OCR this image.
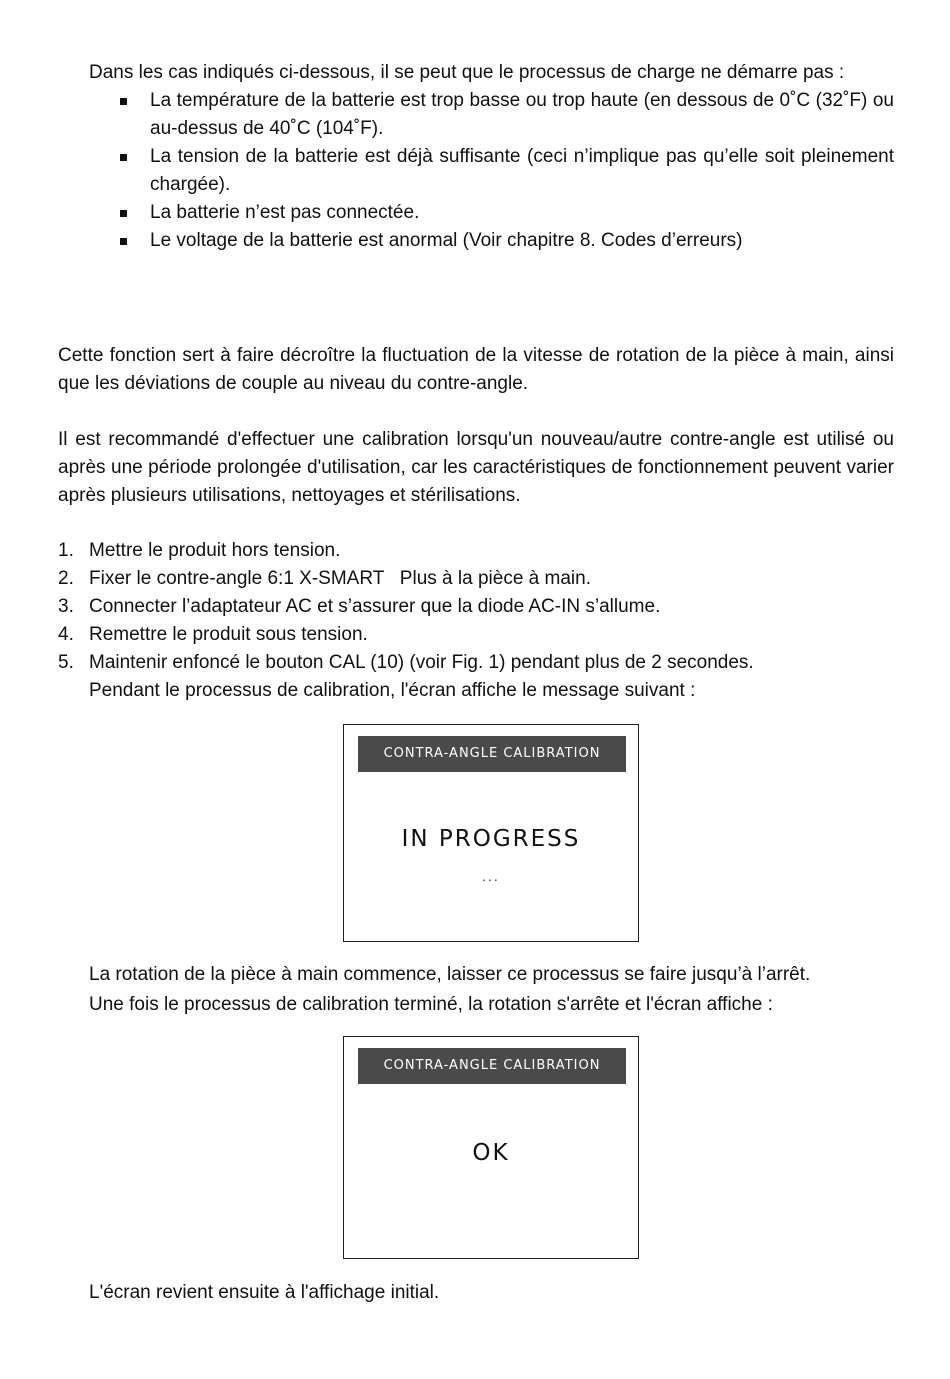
Dans les cas indiqués ci-dessous, il se peut que le processus de charge ne démarre pas :
La température de la batterie est trop basse ou trop haute (en dessous de 0˚C (32˚F) ou au-dessus de 40˚C (104˚F).
La tension de la batterie est déjà suffisante (ceci n’implique pas qu’elle soit pleinement chargée).
La batterie n’est pas connectée.
Le voltage de la batterie est anormal (Voir chapitre 8. Codes d’erreurs)
Cette fonction sert à faire décroître la fluctuation de la vitesse de rotation de la pièce à main, ainsi que les déviations de couple au niveau du contre-angle.
Il est recommandé d'effectuer une calibration lorsqu'un nouveau/autre contre-angle est utilisé ou après une période prolongée d'utilisation, car les caractéristiques de fonctionnement peuvent varier après plusieurs utilisations, nettoyages et stérilisations.
1. Mettre le produit hors tension.
2. Fixer le contre-angle 6:1 X-SMART   Plus à la pièce à main.
3. Connecter l’adaptateur AC et s’assurer que la diode AC-IN s’allume.
4. Remettre le produit sous tension.
5. Maintenir enfoncé le bouton CAL (10) (voir Fig. 1) pendant plus de 2 secondes.
Pendant le processus de calibration, l'écran affiche le message suivant :
CONTRA-ANGLE CALIBRATION
IN PROGRESS
...
La rotation de la pièce à main commence, laisser ce processus se faire jusqu’à l’arrêt.
Une fois le processus de calibration terminé, la rotation s'arrête et l'écran affiche :
CONTRA-ANGLE CALIBRATION
OK
L'écran revient ensuite à l'affichage initial.
